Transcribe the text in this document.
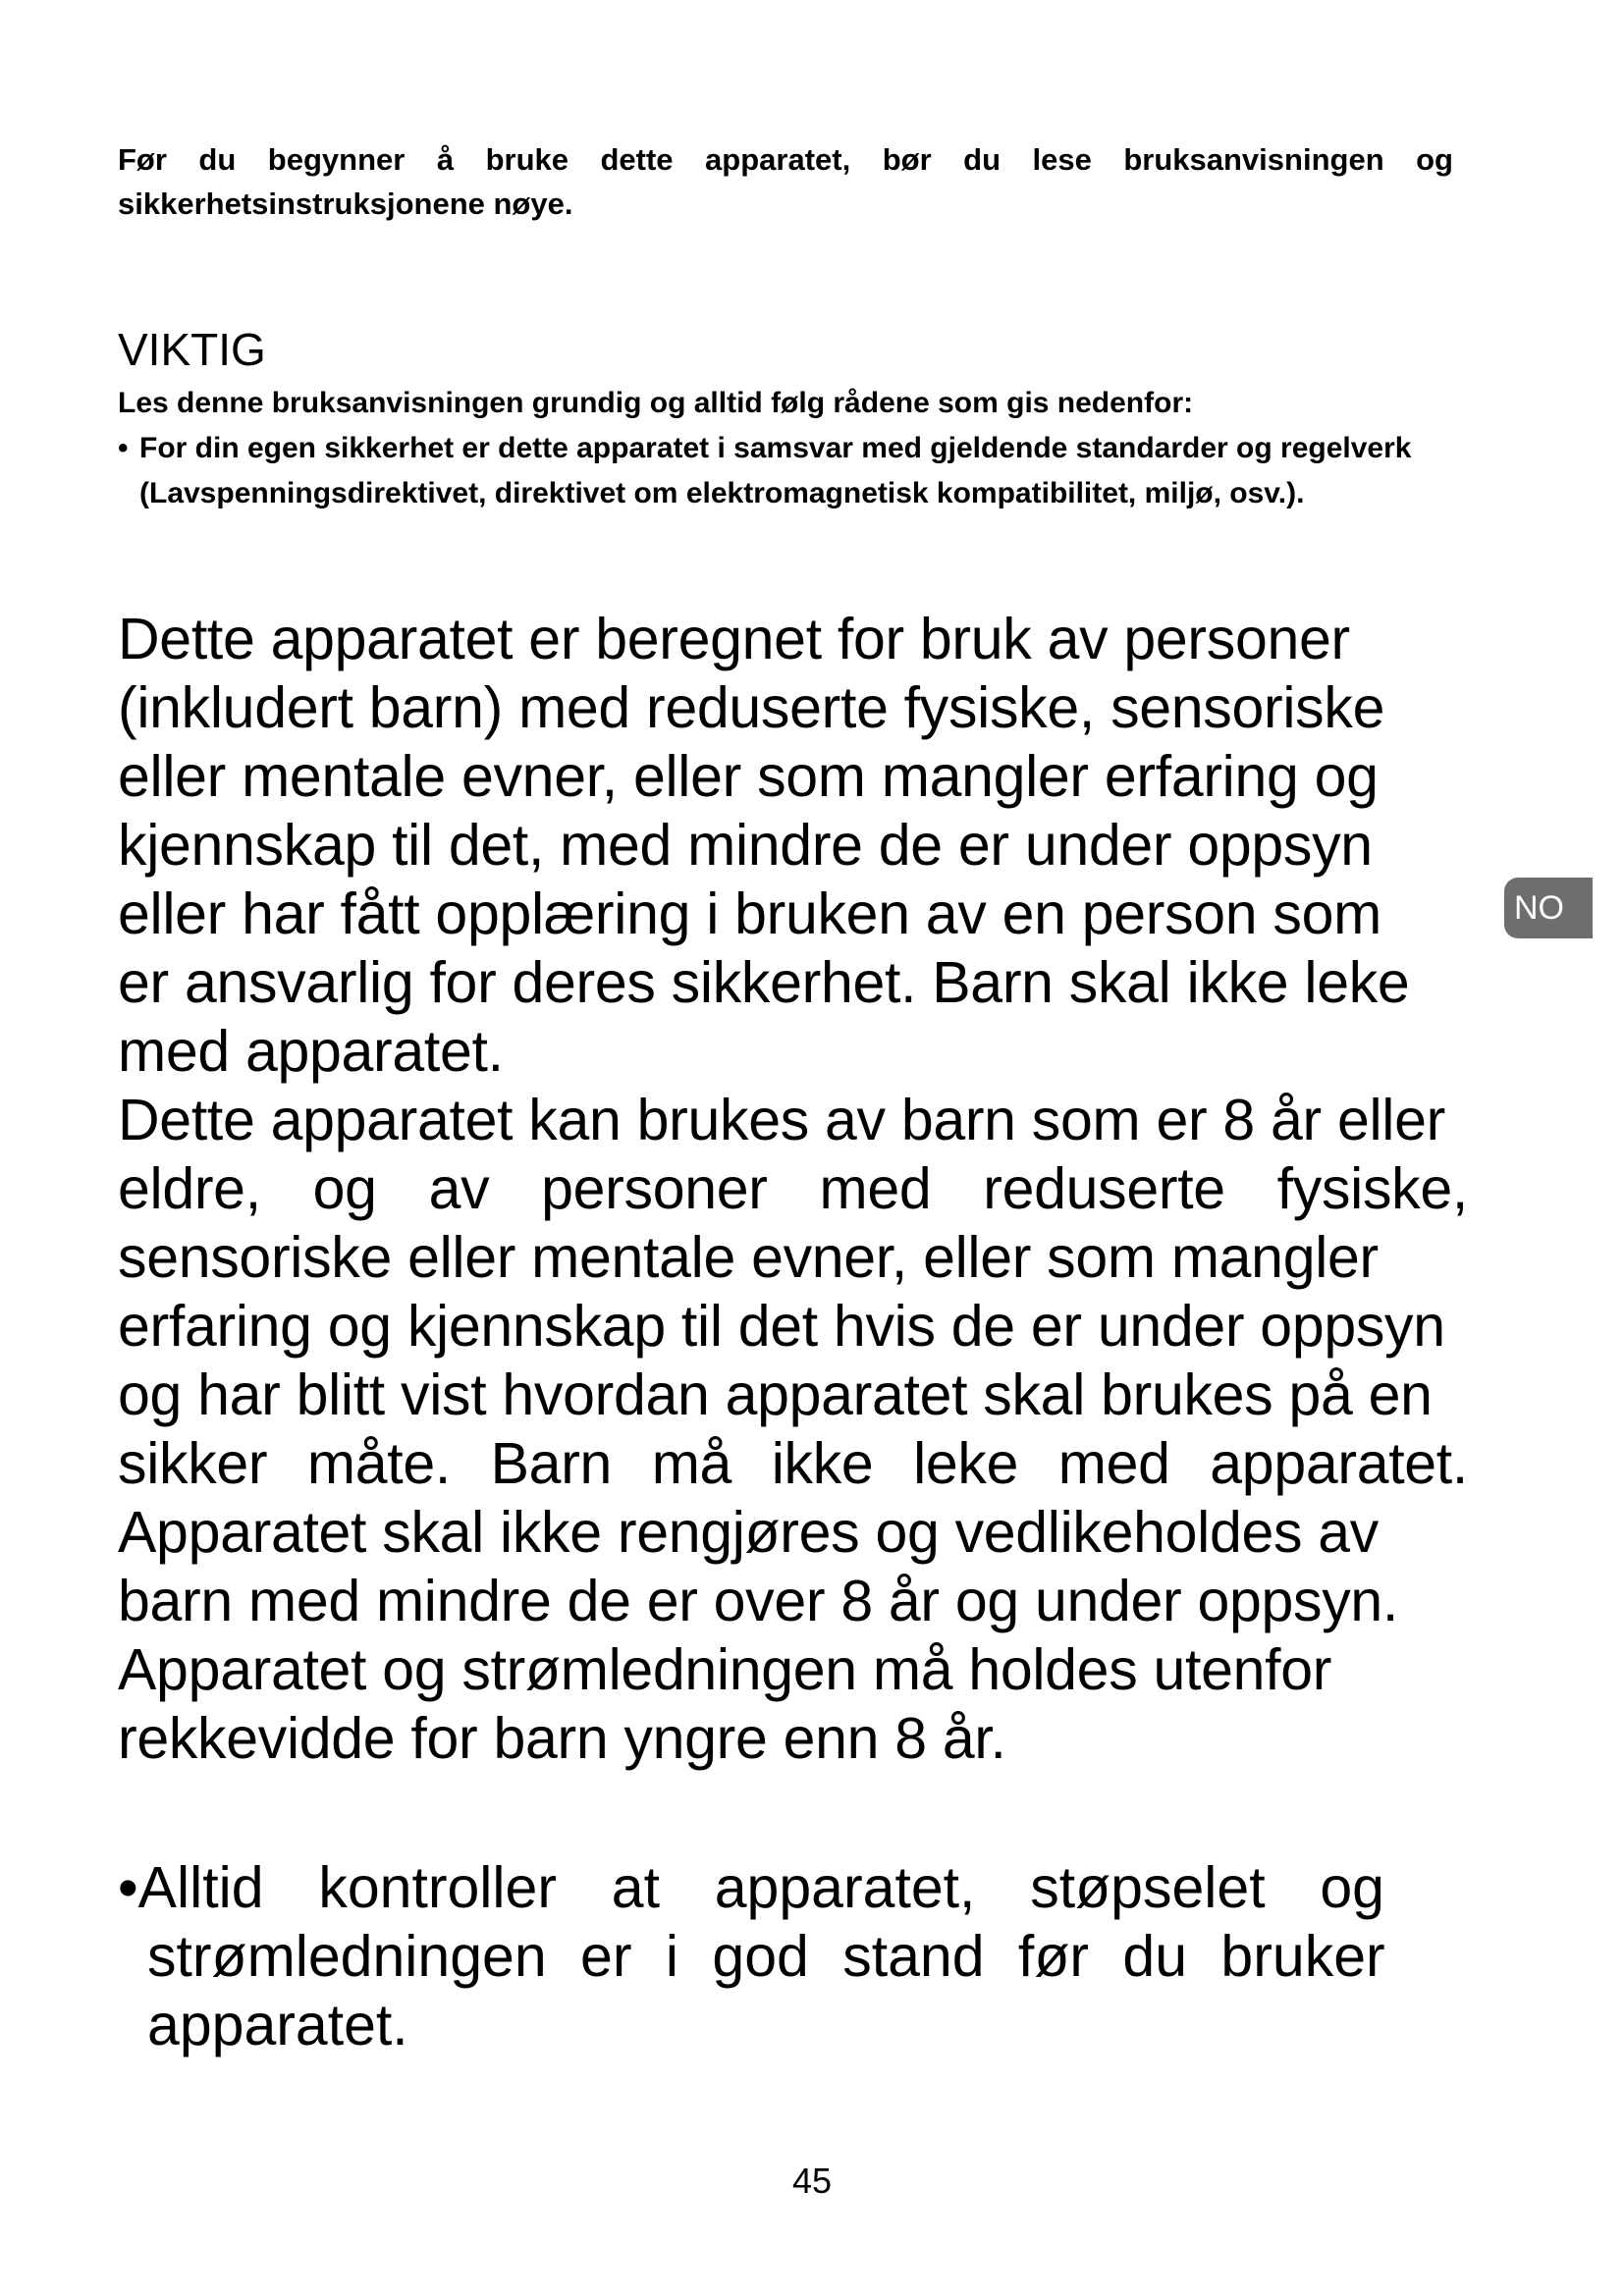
Før du begynner å bruke dette apparatet, bør du lese bruksanvisningen og sikkerhetsinstruksjonene nøye.

VIKTIG

Les denne bruksanvisningen grundig og alltid følg rådene som gis nedenfor:

• For din egen sikkerhet er dette apparatet i samsvar med gjeldende standarder og regelverk (Lavspenningsdirektivet, direktivet om elektromagnetisk kompatibilitet, miljø, osv.).
Dette apparatet er beregnet for bruk av personer
(inkludert barn) med reduserte fysiske, sensoriske
eller mentale evner, eller som mangler erfaring og
kjennskap til det, med mindre de er under oppsyn
eller har fått opplæring i bruken av en person som
er ansvarlig for deres sikkerhet. Barn skal ikke leke
med apparatet.
Dette apparatet kan brukes av barn som er 8 år eller
eldre, og av personer med reduserte fysiske,
sensoriske eller mentale evner, eller som mangler
erfaring og kjennskap til det hvis de er under oppsyn
og har blitt vist hvordan apparatet skal brukes på en
sikker måte. Barn må ikke leke med apparatet.
Apparatet skal ikke rengjøres og vedlikeholdes av
barn med mindre de er over 8 år og under oppsyn.
Apparatet og strømledningen må holdes utenfor
rekkevidde for barn yngre enn 8 år.
•Alltid kontroller at apparatet, støpselet og
strømledningen er i god stand før du bruker
apparatet.
NO

45
